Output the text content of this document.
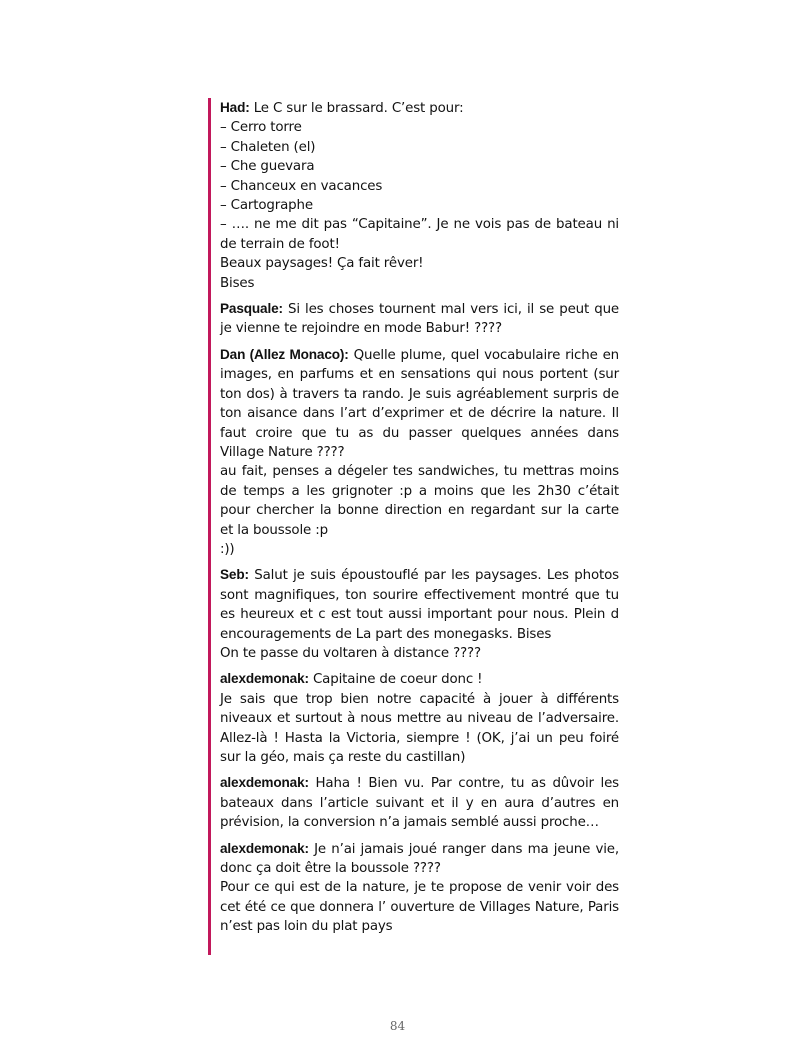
Had: Le C sur le brassard. C’est pour:
– Cerro torre
– Chaleten (el)
– Che guevara
– Chanceux en vacances
– Cartographe
– …. ne me dit pas “Capitaine”. Je ne vois pas de bateau ni de terrain de foot!
Beaux paysages! Ça fait rêver!
Bises

Pasquale: Si les choses tournent mal vers ici, il se peut que je vienne te rejoindre en mode Babur! ????

Dan (Allez Monaco): Quelle plume, quel vocabulaire riche en images, en parfums et en sensations qui nous portent (sur ton dos) à travers ta rando. Je suis agréablement surpris de ton aisance dans l’art d’exprimer et de décrire la nature. Il faut croire que tu as du passer quelques années dans Village Nature ????
au fait, penses a dégeler tes sandwiches, tu mettras moins de temps a les grignoter :p a moins que les 2h30 c’était pour chercher la bonne direction en regardant sur la carte et la boussole :p
:))

Seb: Salut je suis époustouflé par les paysages. Les photos sont magnifiques, ton sourire effectivement montré que tu es heureux et c est tout aussi important pour nous. Plein d encouragements de La part des monegasks. Bises
On te passe du voltaren à distance ????

alexdemonak: Capitaine de coeur donc !
Je sais que trop bien notre capacité à jouer à différents niveaux et surtout à nous mettre au niveau de l’adversaire. Allez-là ! Hasta la Victoria, siempre ! (OK, j’ai un peu foiré sur la géo, mais ça reste du castillan)

alexdemonak: Haha ! Bien vu. Par contre, tu as dûvoir les bateaux dans l’article suivant et il y en aura d’autres en prévision, la conversion n’a jamais semblé aussi proche…

alexdemonak: Je n’ai jamais joué ranger dans ma jeune vie, donc ça doit être la boussole ????
Pour ce qui est de la nature, je te propose de venir voir des cet été ce que donnera l’ ouverture de Villages Nature, Paris n’est pas loin du plat pays

84
